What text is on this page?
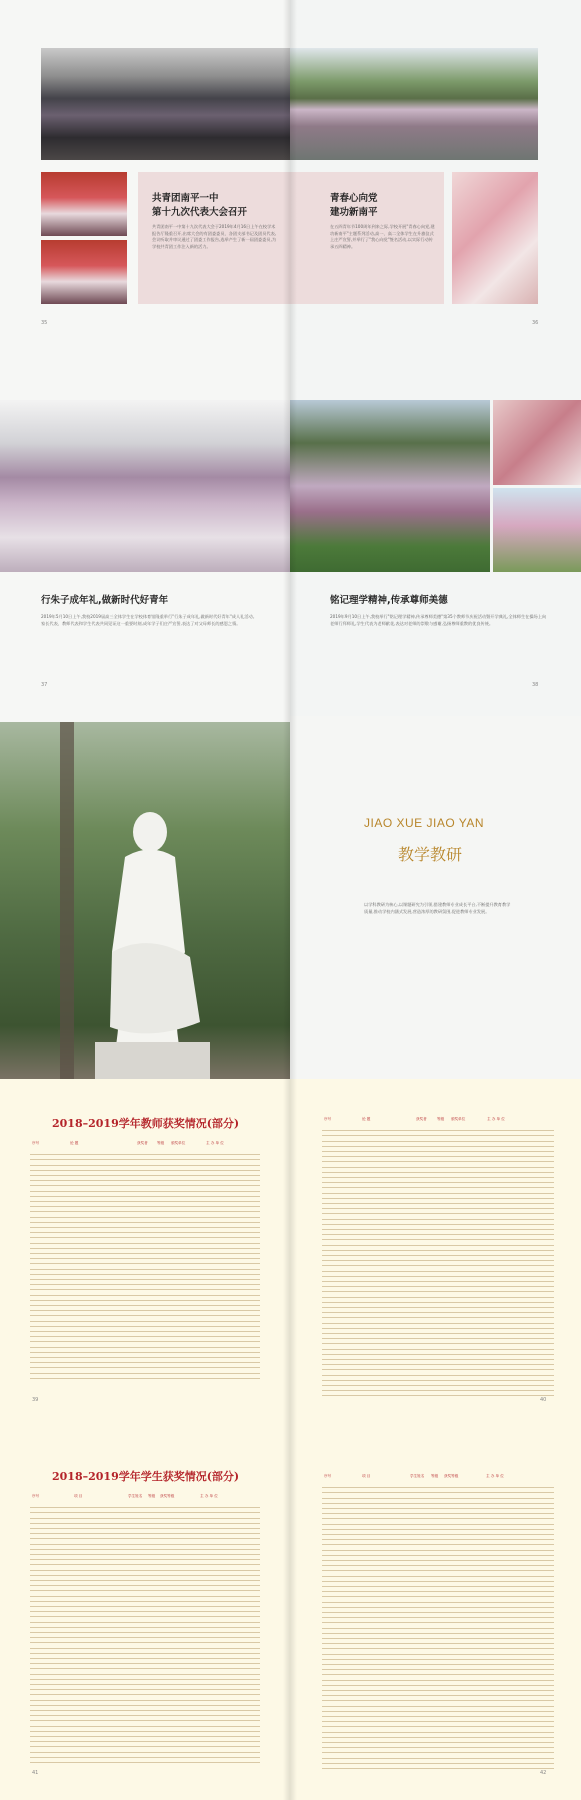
共青团南平一中
第十九次代表大会召开
共青团南平一中第十九次代表大会于2019年4月16日上午在校学术报告厅隆重召开,出席大会的有团委委员、各团支部书记及团员代表,会议听取并审议通过了团委工作报告,选举产生了新一届团委委员,为学校共青团工作注入新的活力。
35
青春心向党
建功新南平
在五四青年节100周年到来之际,学校开展"青春心向党,建功新南平"主题系列活动,高一、高二全体学生在升旗仪式上庄严宣誓,并举行了"我心向党"签名活动,以实际行动传承五四精神。
36
行朱子成年礼,做新时代好青年
2019年5月10日上午,我校2019届高三全体学生在学校体育馆隆重举行"行朱子成年礼,做新时代好青年"成人礼活动。家长代表、教师代表和学生代表共同见证这一重要时刻,成年学子们庄严宣誓,表达了对父母师长的感恩之情。
37
铭记理学精神,传承尊师美德
2019年9月10日上午,我校举行"铭记理学精神,传承尊师美德"第35个教师节庆祝活动暨开学典礼,全体师生在操场上向老师行拜师礼,学生代表为老师献花,表达对老师的崇敬与感谢,弘扬尊师重教的优良传统。
38
JIAO XUE JIAO YAN
教学教研
以学科教研为核心,以课题研究为引领,搭建教师专业成长平台,不断提升教育教学质量,推动学校内涵式发展,营造浓厚的教研氛围,促进教师专业发展。
2018–2019学年教师获奖情况(部分)
序号	论 题	获奖者	等级 颁奖单位	主 办 单 位
39
序号	论 题	获奖者	等级 颁奖单位	主 办 单 位
40
2018–2019学年学生获奖情况(部分)
序号	项 目	学生姓名 等级 获奖等级	主 办 单 位
41
序号	项 目	学生姓名 等级 获奖等级	主 办 单 位
42
